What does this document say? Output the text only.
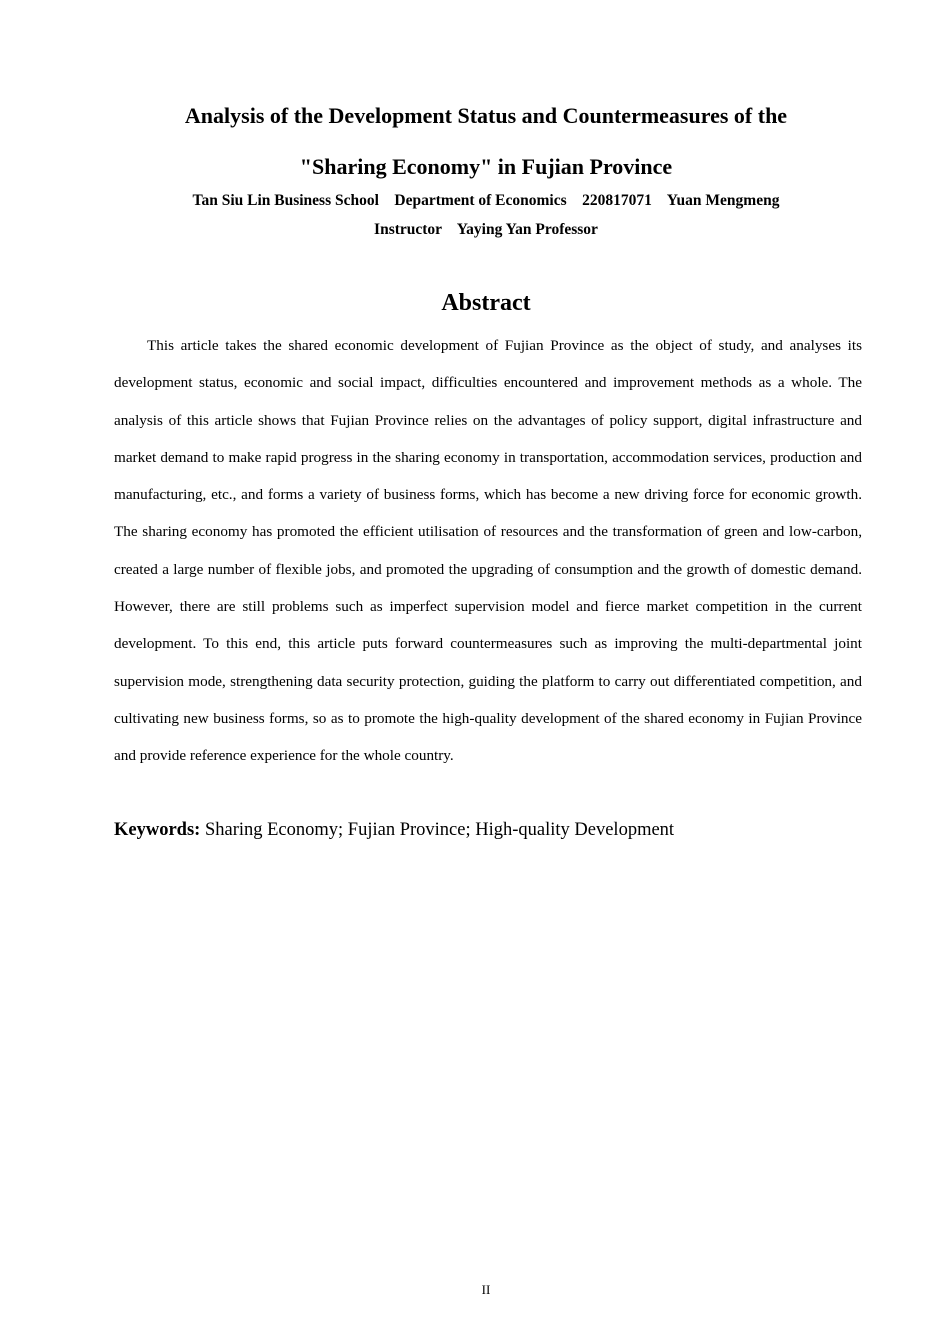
Analysis of the Development Status and Countermeasures of the
"Sharing Economy" in Fujian Province
Tan Siu Lin Business School    Department of Economics    220817071    Yuan Mengmeng
Instructor    Yaying Yan Professor
Abstract

This article takes the shared economic development of Fujian Province as the object of study, and analyses its development status, economic and social impact, difficulties encountered and improvement methods as a whole. The analysis of this article shows that Fujian Province relies on the advantages of policy support, digital infrastructure and market demand to make rapid progress in the sharing economy in transportation, accommodation services, production and manufacturing, etc., and forms a variety of business forms, which has become a new driving force for economic growth. The sharing economy has promoted the efficient utilisation of resources and the transformation of green and low-carbon, created a large number of flexible jobs, and promoted the upgrading of consumption and the growth of domestic demand. However, there are still problems such as imperfect supervision model and fierce market competition in the current development. To this end, this article puts forward countermeasures such as improving the multi-departmental joint supervision mode, strengthening data security protection, guiding the platform to carry out differentiated competition, and cultivating new business forms, so as to promote the high-quality development of the shared economy in Fujian Province and provide reference experience for the whole country.

Keywords: Sharing Economy; Fujian Province; High-quality Development

II
